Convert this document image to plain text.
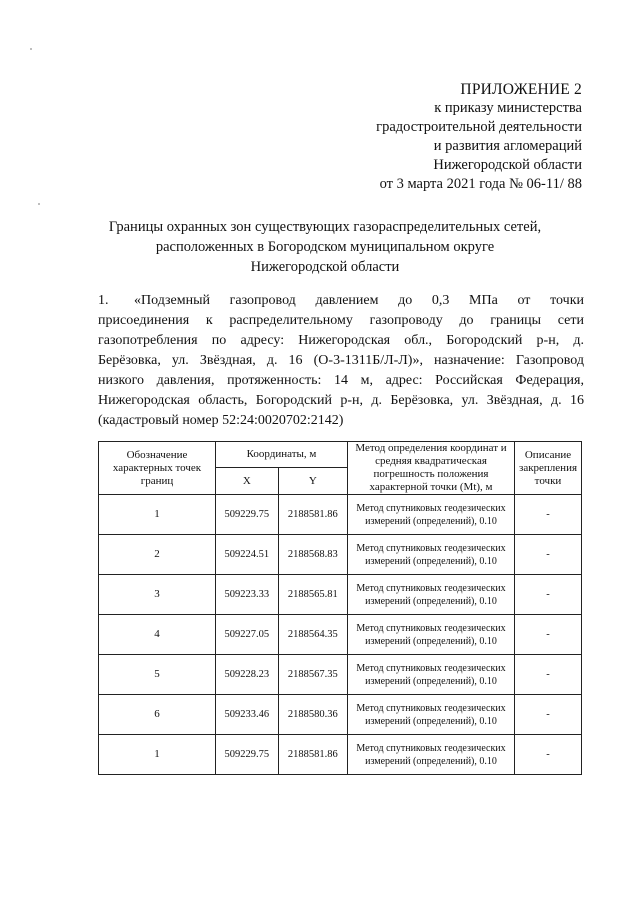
ПРИЛОЖЕНИЕ 2
к приказу министерства
градостроительной деятельности
и развития агломераций
Нижегородской области
от 3 марта 2021 года № 06-11/ 88
Границы охранных зон существующих газораспределительных сетей,
расположенных в Богородском муниципальном округе
Нижегородской области
1. «Подземный газопровод давлением до 0,3 МПа от точки
присоединения к распределительному газопроводу до границы сети
газопотребления по адресу: Нижегородская обл., Богородский р-н, д.
Берёзовка, ул. Звёздная, д. 16 (О-3-1311Б/Л-Л)», назначение: Газопровод
низкого давления, протяженность: 14 м, адрес: Российская Федерация,
Нижегородская область, Богородский р-н, д. Берёзовка, ул. Звёздная, д. 16
(кадастровый номер 52:24:0020702:2142)
Обозначение характерных точек границ	Координаты, м		Метод определения координат и средняя квадратическая погрешность положения характерной точки (Мt), м	Описание закрепления точки
	X	Y		
1	509229.75	2188581.86	Метод спутниковых геодезических измерений (определений), 0.10	-
2	509224.51	2188568.83	Метод спутниковых геодезических измерений (определений), 0.10	-
3	509223.33	2188565.81	Метод спутниковых геодезических измерений (определений), 0.10	-
4	509227.05	2188564.35	Метод спутниковых геодезических измерений (определений), 0.10	-
5	509228.23	2188567.35	Метод спутниковых геодезических измерений (определений), 0.10	-
6	509233.46	2188580.36	Метод спутниковых геодезических измерений (определений), 0.10	-
1	509229.75	2188581.86	Метод спутниковых геодезических измерений (определений), 0.10	-
